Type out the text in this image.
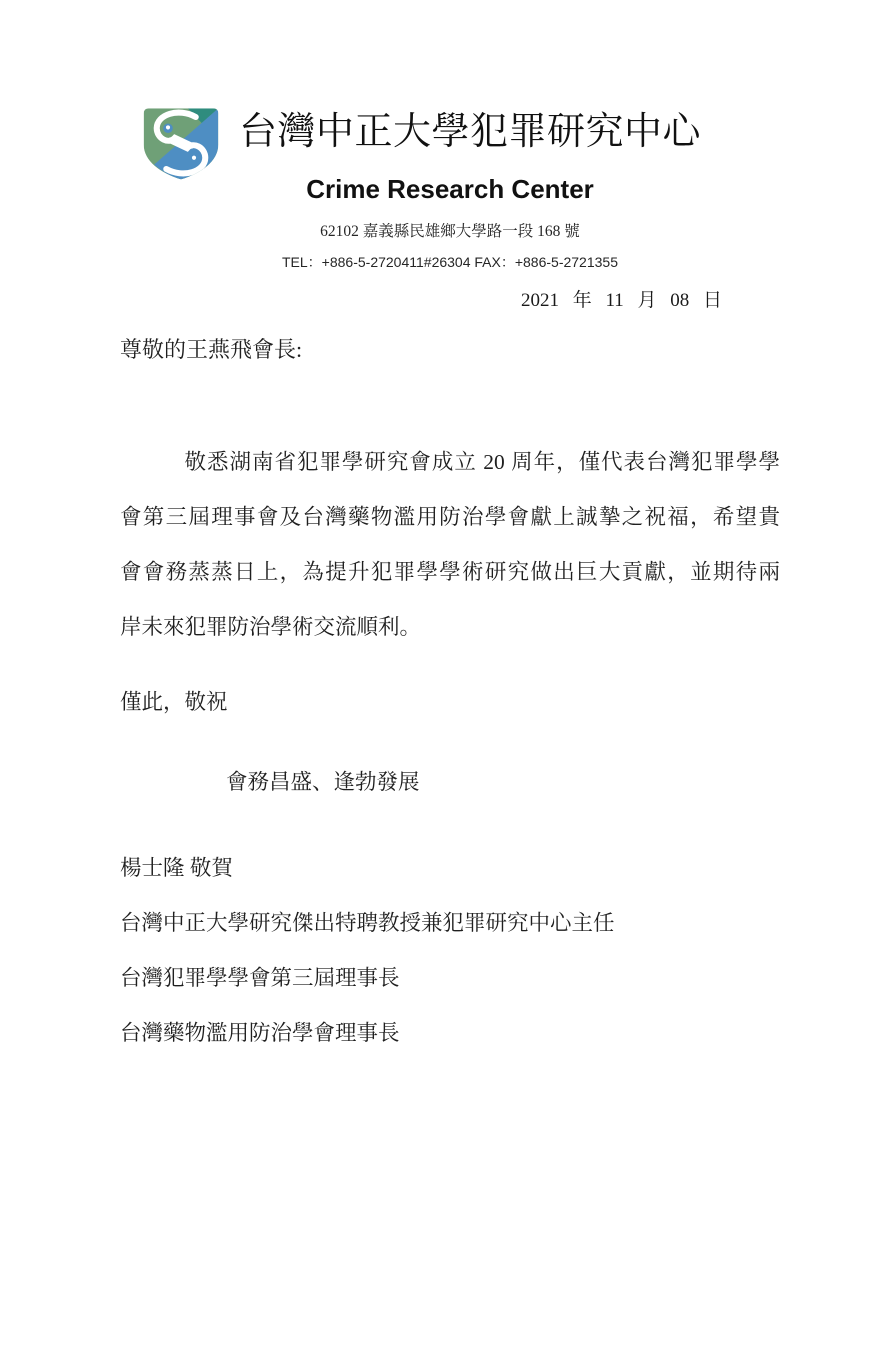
台灣中正大學犯罪研究中心
Crime Research Center
62102 嘉義縣民雄鄉大學路一段 168 號
TEL：+886-5-2720411#26304 FAX：+886-5-2721355
2021 年 11 月 08 日
尊敬的王燕飛會長:
敬悉湖南省犯罪學研究會成立 20 周年，僅代表台灣犯罪學學
會第三屆理事會及台灣藥物濫用防治學會獻上誠摯之祝福，希望貴
會會務蒸蒸日上，為提升犯罪學學術研究做出巨大貢獻，並期待兩
岸未來犯罪防治學術交流順利。
僅此，敬祝
會務昌盛、逢勃發展
楊士隆 敬賀
台灣中正大學研究傑出特聘教授兼犯罪研究中心主任
台灣犯罪學學會第三屆理事長
台灣藥物濫用防治學會理事長
